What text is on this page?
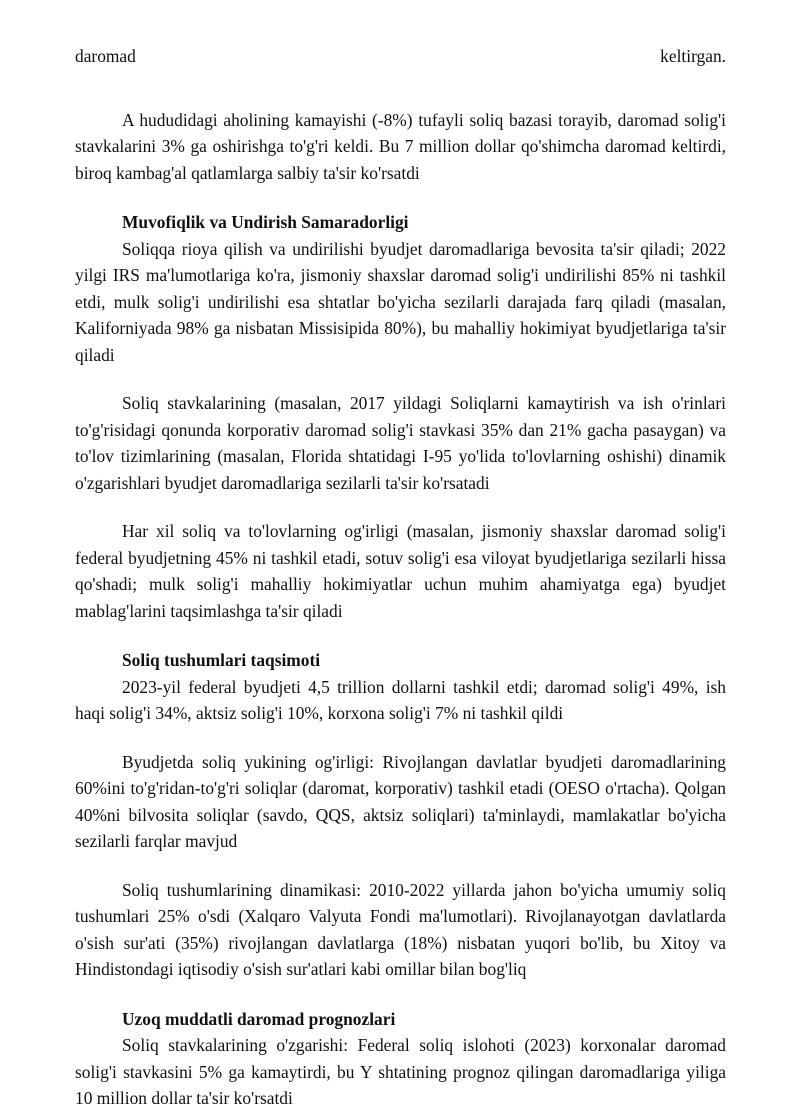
daromad	keltirgan.

A hududidagi aholining kamayishi (-8%) tufayli soliq bazasi torayib, daromad solig'i stavkalarini 3% ga oshirishga to'g'ri keldi. Bu 7 million dollar qo'shimcha daromad keltirdi, biroq kambag'al qatlamlarga salbiy ta'sir ko'rsatdi

Muvofiqlik va Undirish Samaradorligi

Soliqqa rioya qilish va undirilishi byudjet daromadlariga bevosita ta'sir qiladi; 2022 yilgi IRS ma'lumotlariga ko'ra, jismoniy shaxslar daromad solig'i undirilishi 85% ni tashkil etdi, mulk solig'i undirilishi esa shtatlar bo'yicha sezilarli darajada farq qiladi (masalan, Kaliforniyada 98% ga nisbatan Missisipida 80%), bu mahalliy hokimiyat byudjetlariga ta'sir qiladi

Soliq stavkalarining (masalan, 2017 yildagi Soliqlarni kamaytirish va ish o'rinlari to'g'risidagi qonunda korporativ daromad solig'i stavkasi 35% dan 21% gacha pasaygan) va to'lov tizimlarining (masalan, Florida shtatidagi I-95 yo'lida to'lovlarning oshishi) dinamik o'zgarishlari byudjet daromadlariga sezilarli ta'sir ko'rsatadi

Har xil soliq va to'lovlarning og'irligi (masalan, jismoniy shaxslar daromad solig'i federal byudjetning 45% ni tashkil etadi, sotuv solig'i esa viloyat byudjetlariga sezilarli hissa qo'shadi; mulk solig'i mahalliy hokimiyatlar uchun muhim ahamiyatga ega) byudjet mablag'larini taqsimlashga ta'sir qiladi

Soliq tushumlari taqsimoti

2023-yil federal byudjeti 4,5 trillion dollarni tashkil etdi; daromad solig'i 49%, ish haqi solig'i 34%, aktsiz solig'i 10%, korxona solig'i 7% ni tashkil qildi

Byudjetda soliq yukining og'irligi: Rivojlangan davlatlar byudjeti daromadlarining 60%ini to'g'ridan-to'g'ri soliqlar (daromat, korporativ) tashkil etadi (OESO o'rtacha). Qolgan 40%ni bilvosita soliqlar (savdo, QQS, aktsiz soliqlari) ta'minlaydi, mamlakatlar bo'yicha sezilarli farqlar mavjud

Soliq tushumlarining dinamikasi: 2010-2022 yillarda jahon bo'yicha umumiy soliq tushumlari 25% o'sdi (Xalqaro Valyuta Fondi ma'lumotlari). Rivojlanayotgan davlatlarda o'sish sur'ati (35%) rivojlangan davlatlarga (18%) nisbatan yuqori bo'lib, bu Xitoy va Hindistondagi iqtisodiy o'sish sur'atlari kabi omillar bilan bog'liq

Uzoq muddatli daromad prognozlari

Soliq stavkalarining o'zgarishi: Federal soliq islohoti (2023) korxonalar daromad solig'i stavkasini 5% ga kamaytirdi, bu Y shtatining prognoz qilingan daromadlariga yiliga 10 million dollar ta'sir ko'rsatdi
